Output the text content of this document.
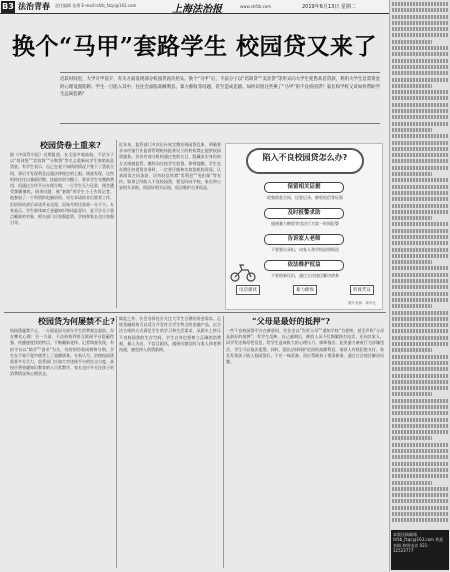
B3 法治青春 责任编辑 张熠 E-mail:lsfzb_fzqc@163.com	上海法治报	www.shfzb.com	2019年6月13日 星期二
换个“马甲”套路学生 校园贷又来了

近段时间里，大学开学前夕，有关方面发现部分校园贷再次抬头。换个“马甲”后，不法分子以“培训贷”“美容贷”等形式向大学生兜售高息贷款，利用大学生急需资金的心理设置陷阱。学生一旦陷入其中，往往会面临高额利息、暴力催收等问题，甚至造成悲剧。如何识别这些换了“马甲”的不良校园贷？家长和学校又该如何帮助学生远离套路？

校园贷卷土重来?
据《中国青年报》近期报道，在全国多地高校，不法分子以“培训贷”“美容贷”“分期贷”等名义重新向学生推销高息贷款。有学生表示，自己在毫不知情的情况下签下了贷款合同，事后才发现利息远超法律规定的上限。调查发现，这些机构往往以兼职招聘、技能培训为幌子，要求学生先缴纳费用，再通过合作平台办理分期，一旦学生无力还款，便会遭受频繁催收。同类问题：被“套路”的学生小王告诉记者，他参加了一个所谓的电脑培训，对方承诺结业后推荐工作，但培训结束后承诺并未兑现，而每月的还款却一分不少。专家表示，学生群体缺乏金融知识和风险意识，是不法分子重点瞄准的对象，相关部门应加强监管，学校和家长也应加强引导。
近年来，监管部门多次出台规定整治校园贷乱象，明确要求未经银行业监督管理机构批准设立的机构禁止提供校园贷服务。但仍有部分机构通过变换名目、隐藏真实身份的方式规避监管，继续向在校学生放贷。律师提醒，学生在办理任何借贷业务时，一定要仔细核实放贷机构资质，认真阅读合同条款，切勿轻信所谓“零利息”“免担保”等宣传。如果已经陷入不良校园贷，要及时向学校、家长和公安机关求助，保留好相关证据，依法维护自身权益。
陷入不良校园贷怎么办?
保留相关证据
收集借款合同、还款记录、催收短信等证据
及时报警求助
遇到暴力催收等违法行为第一时间报警
告诉家人老师
不要独自承担，向家人和学校说明情况
依法维护权益
不要借新还旧，通过合法途径解决债务
电话骚扰	暴力催收	转账凭证
图片来源：新华社
校园贷为何屡禁不止?
校园贷屡禁不止，一方面是因为部分学生消费观念超前，存在攀比心理；另一方面，不法机构利用互联网平台隐蔽性强、传播速度快的特点，不断翻新花样。记者调查发现，有的平台以“助学”“创业”为名，有的则伪装成购物分期，学生在不知不觉中便背上了高额债务。专家认为，治理校园贷需要多方合力，监管部门应加大对违规平台的打击力度，高校应将金融知识教育纳入日常教学，家长也应多关注孩子的消费情况和心理状态。
除此之外，社会各界也应关注大学生合理的资金需求。正规金融机构可以适当开发符合学生特点的金融产品，以合法合规的方式满足学生的学习和生活需求，从源头上挤压不良校园贷的生存空间。学生自身也要树立正确的消费观，量入为出，不盲目跟风，遇到问题及时与家人和老师沟通，避免掉入借贷陷阱。
“父母是最好的抵押”?
一些不良校园贷平台在催收时，往往会以“告诉父母”“通知学校”为要挟，甚至声称“父母是最好的抵押”。有学生反映，自己逾期后，催收人员不仅频繁拨打电话，还向其家人、同学发送侮辱性信息，给学生造成极大的心理压力。律师指出，此类暴力催收行为涉嫌违法，学生可以依法报警。同时，超出法律保护范围的高额利息，借款人有权拒绝支付。家长发现孩子陷入校园贷后，不应一味责备，而应帮助孩子理清债务，通过合法途径解决问题。
本版投稿邮箱 lsfzb_fzqc@163.com 欢迎来稿 热线电话 021-32523777
